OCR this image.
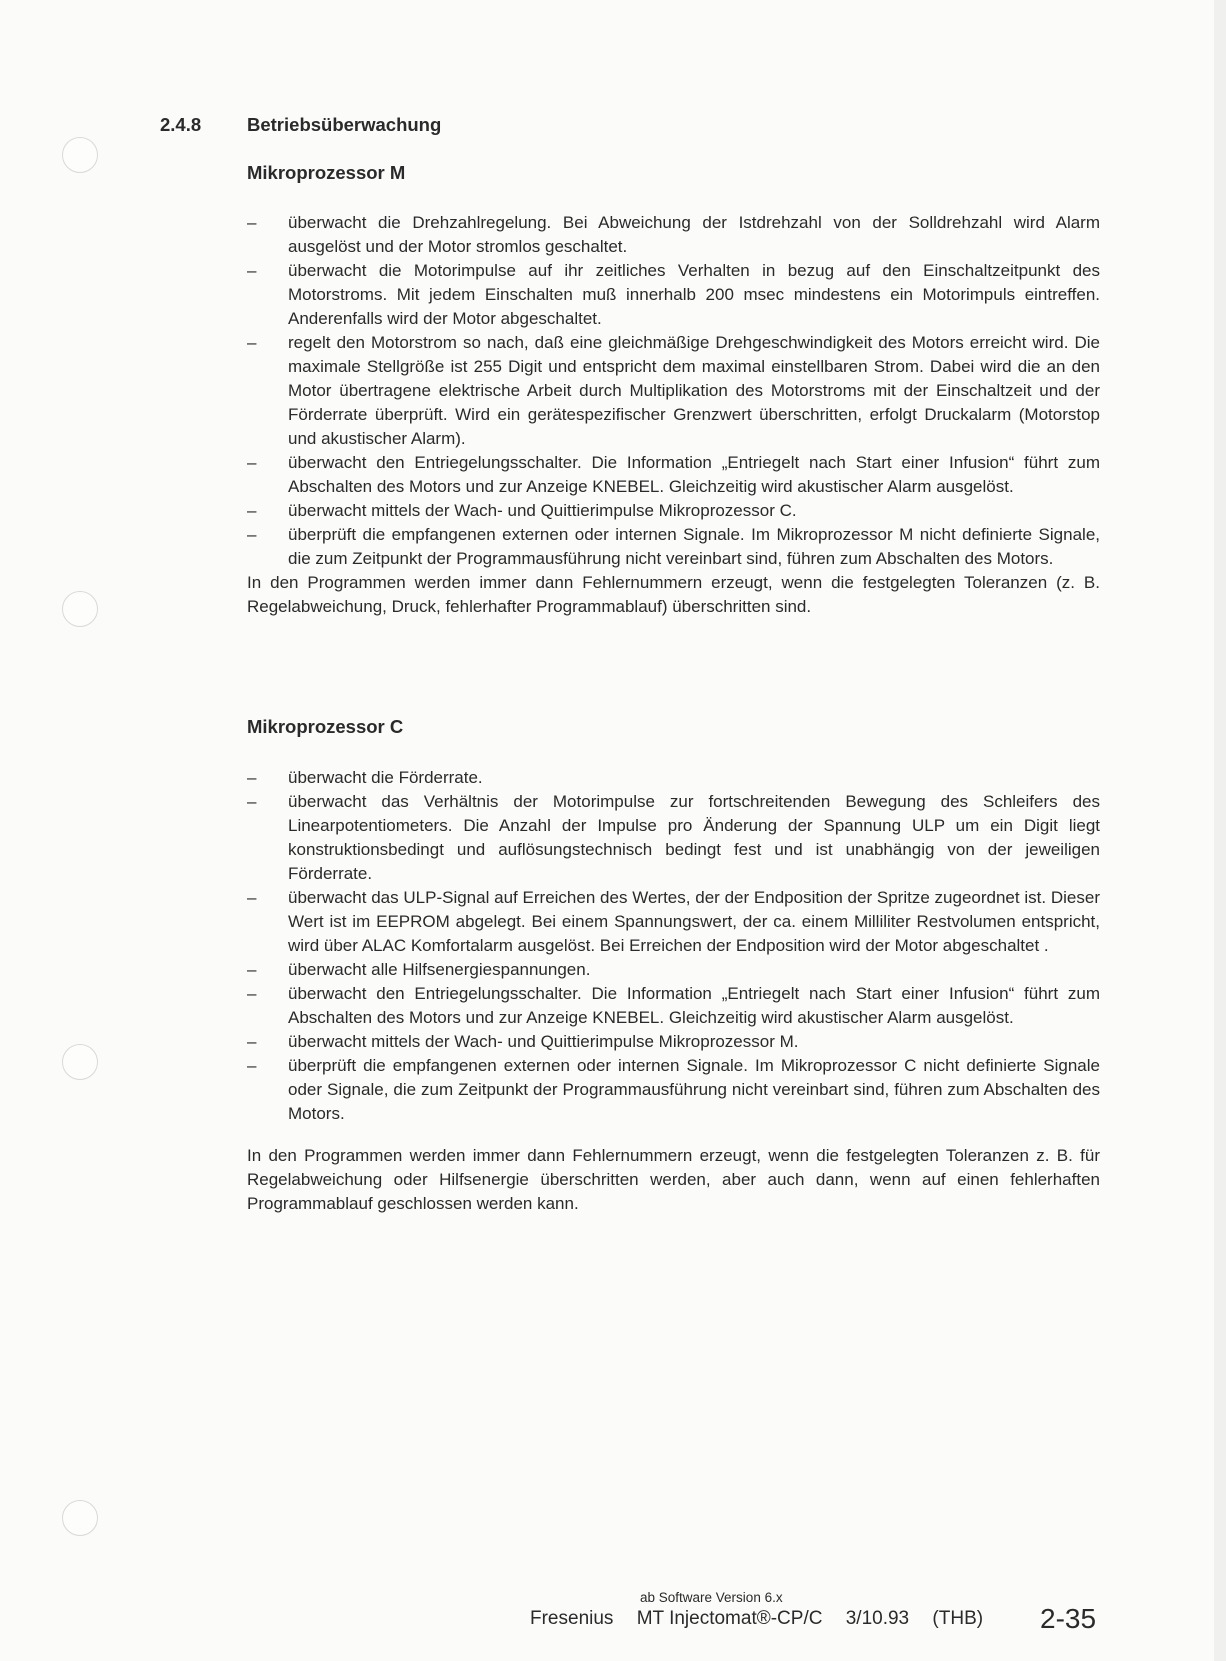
2.4.8 Betriebsüberwachung
Mikroprozessor M
– überwacht die Drehzahlregelung. Bei Abweichung der Istdrehzahl von der Solldrehzahl wird Alarm ausgelöst und der Motor stromlos geschaltet.
– überwacht die Motorimpulse auf ihr zeitliches Verhalten in bezug auf den Einschaltzeitpunkt des Motorstroms. Mit jedem Einschalten muß innerhalb 200 msec mindestens ein Motorimpuls eintreffen. Anderenfalls wird der Motor abgeschaltet.
– regelt den Motorstrom so nach, daß eine gleichmäßige Drehgeschwindigkeit des Motors erreicht wird. Die maximale Stellgröße ist 255 Digit und entspricht dem maximal einstellbaren Strom. Dabei wird die an den Motor übertragene elektrische Arbeit durch Multiplikation des Motorstroms mit der Einschaltzeit und der Förderrate überprüft. Wird ein gerätespezifischer Grenzwert überschritten, erfolgt Druckalarm (Motorstop und akustischer Alarm).
– überwacht den Entriegelungsschalter. Die Information „Entriegelt nach Start einer Infusion“ führt zum Abschalten des Motors und zur Anzeige KNEBEL. Gleichzeitig wird akustischer Alarm ausgelöst.
– überwacht mittels der Wach- und Quittierimpulse Mikroprozessor C.
– überprüft die empfangenen externen oder internen Signale. Im Mikroprozessor M nicht definierte Signale, die zum Zeitpunkt der Programmausführung nicht vereinbart sind, führen zum Abschalten des Motors.

In den Programmen werden immer dann Fehlernummern erzeugt, wenn die festgelegten Toleranzen (z. B. Regelabweichung, Druck, fehlerhafter Programmablauf) überschritten sind.

Mikroprozessor C
– überwacht die Förderrate.
– überwacht das Verhältnis der Motorimpulse zur fortschreitenden Bewegung des Schleifers des Linearpotentiometers. Die Anzahl der Impulse pro Änderung der Spannung ULP um ein Digit liegt konstruktionsbedingt und auflösungstechnisch bedingt fest und ist unabhängig von der jeweiligen Förderrate.
– überwacht das ULP-Signal auf Erreichen des Wertes, der der Endposition der Spritze zugeordnet ist. Dieser Wert ist im EEPROM abgelegt. Bei einem Spannungswert, der ca. einem Milliliter Restvolumen entspricht, wird über ALAC Komfortalarm ausgelöst. Bei Erreichen der Endposition wird der Motor abgeschaltet .
– überwacht alle Hilfsenergiespannungen.
– überwacht den Entriegelungsschalter. Die Information „Entriegelt nach Start einer Infusion“ führt zum Abschalten des Motors und zur Anzeige KNEBEL. Gleichzeitig wird akustischer Alarm ausgelöst.
– überwacht mittels der Wach- und Quittierimpulse Mikroprozessor M.
– überprüft die empfangenen externen oder internen Signale. Im Mikroprozessor C nicht definierte Signale oder Signale, die zum Zeitpunkt der Programmausführung nicht vereinbart sind, führen zum Abschalten des Motors.

In den Programmen werden immer dann Fehlernummern erzeugt, wenn die festgelegten Toleranzen z. B. für Regelabweichung oder Hilfsenergie überschritten werden, aber auch dann, wenn auf einen fehlerhaften Programmablauf geschlossen werden kann.

ab Software Version 6.x
Fresenius MT Injectomat®-CP/C 3/10.93 (THB)	2-35
